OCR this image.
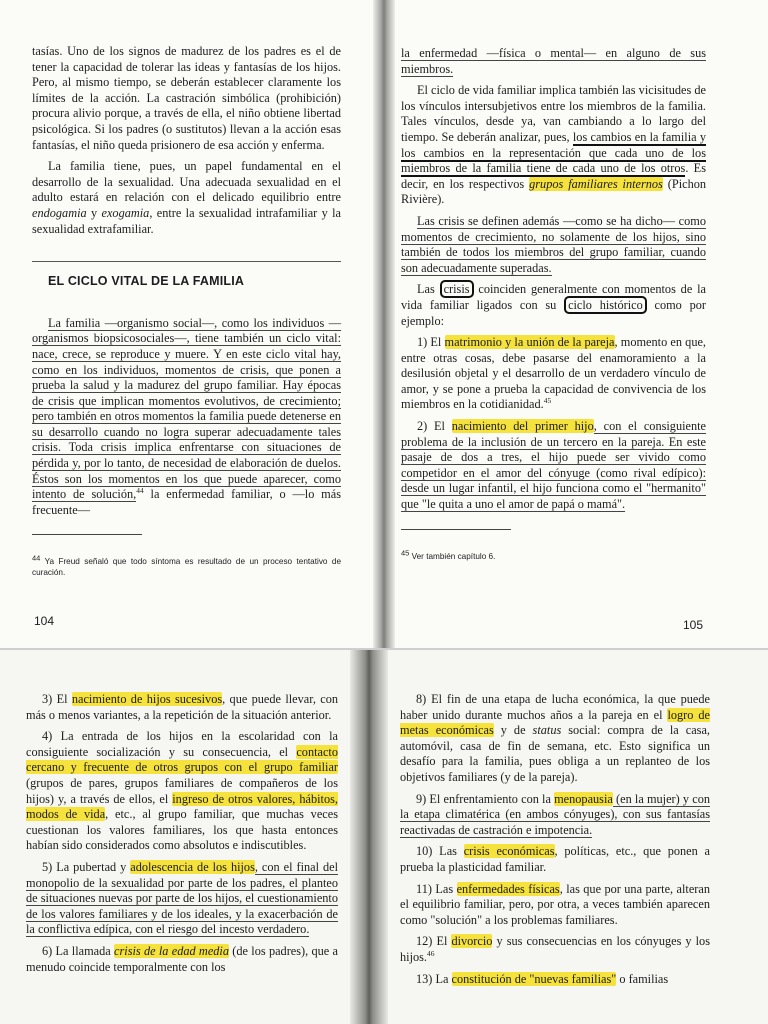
tasías. Uno de los signos de madurez de los padres es el de tener la capacidad de tolerar las ideas y fantasías de los hijos. Pero, al mismo tiempo, se deberán establecer claramente los límites de la acción. La castración simbólica (prohibición) procura alivio porque, a través de ella, el niño obtiene libertad psicológica. Si los padres (o sustitutos) llevan a la acción esas fantasías, el niño queda prisionero de esa acción y enferma.

La familia tiene, pues, un papel fundamental en el desarrollo de la sexualidad. Una adecuada sexualidad en el adulto estará en relación con el delicado equilibrio entre endogamia y exogamia, entre la sexualidad intrafamiliar y la sexualidad extrafamiliar.

EL CICLO VITAL DE LA FAMILIA

La familia —organismo social—, como los individuos —organismos biopsicosociales—, tiene también un ciclo vital: nace, crece, se reproduce y muere. Y en este ciclo vital hay, como en los individuos, momentos de crisis, que ponen a prueba la salud y la madurez del grupo familiar. Hay épocas de crisis que implican momentos evolutivos, de crecimiento; pero también en otros momentos la familia puede detenerse en su desarrollo cuando no logra superar adecuadamente tales crisis. Toda crisis implica enfrentarse con situaciones de pérdida y, por lo tanto, de necesidad de elaboración de duelos. Éstos son los momentos en los que puede aparecer, como intento de solución,$^{44}$ la enfermedad familiar, o —lo más frecuente—

$^{44}$ Ya Freud señaló que todo síntoma es resultado de un proceso tentativo de curación.
104

la enfermedad —física o mental— en alguno de sus miembros.

El ciclo de vida familiar implica también las vicisitudes de los vínculos intersubjetivos entre los miembros de la familia. Tales vínculos, desde ya, van cambiando a lo largo del tiempo. Se deberán analizar, pues, los cambios en la familia y los cambios en la representación que cada uno de los miembros de la familia tiene de cada uno de los otros. Es decir, en los respectivos grupos familiares internos (Pichon Rivière).

Las crisis se definen además —como se ha dicho— como momentos de crecimiento, no solamente de los hijos, sino también de todos los miembros del grupo familiar, cuando son adecuadamente superadas.

Las crisis coinciden generalmente con momentos de la vida familiar ligados con su ciclo histórico como por ejemplo:

1) El matrimonio y la unión de la pareja, momento en que, entre otras cosas, debe pasarse del enamoramiento a la desilusión objetal y el desarrollo de un verdadero vínculo de amor, y se pone a prueba la capacidad de convivencia de los miembros en la cotidianidad.$^{45}$

2) El nacimiento del primer hijo, con el consiguiente problema de la inclusión de un tercero en la pareja. En este pasaje de dos a tres, el hijo puede ser vivido como competidor en el amor del cónyuge (como rival edípico): desde un lugar infantil, el hijo funciona como el "hermanito" que "le quita a uno el amor de papá o mamá".

$^{45}$ Ver también capítulo 6.
105

3) El nacimiento de hijos sucesivos, que puede llevar, con más o menos variantes, a la repetición de la situación anterior.

4) La entrada de los hijos en la escolaridad con la consiguiente socialización y su consecuencia, el contacto cercano y frecuente de otros grupos con el grupo familiar (grupos de pares, grupos familiares de compañeros de los hijos) y, a través de ellos, el ingreso de otros valores, hábitos, modos de vida, etc., al grupo familiar, que muchas veces cuestionan los valores familiares, los que hasta entonces habían sido considerados como absolutos e indiscutibles.

5) La pubertad y adolescencia de los hijos, con el final del monopolio de la sexualidad por parte de los padres, el planteo de situaciones nuevas por parte de los hijos, el cuestionamiento de los valores familiares y de los ideales, y la exacerbación de la conflictiva edípica, con el riesgo del incesto verdadero.

6) La llamada crisis de la edad media (de los padres), que a menudo coincide temporalmente con los

8) El fin de una etapa de lucha económica, la que puede haber unido durante muchos años a la pareja en el logro de metas económicas y de status social: compra de la casa, automóvil, casa de fin de semana, etc. Esto significa un desafío para la familia, pues obliga a un replanteo de los objetivos familiares (y de la pareja).

9) El enfrentamiento con la menopausia (en la mujer) y con la etapa climatérica (en ambos cónyuges), con sus fantasías reactivadas de castración e impotencia.

10) Las crisis económicas, políticas, etc., que ponen a prueba la plasticidad familiar.

11) Las enfermedades físicas, las que por una parte, alteran el equilibrio familiar, pero, por otra, a veces también aparecen como "solución" a los problemas familiares.

12) El divorcio y sus consecuencias en los cónyuges y los hijos.$^{46}$

13) La constitución de "nuevas familias" o familias
